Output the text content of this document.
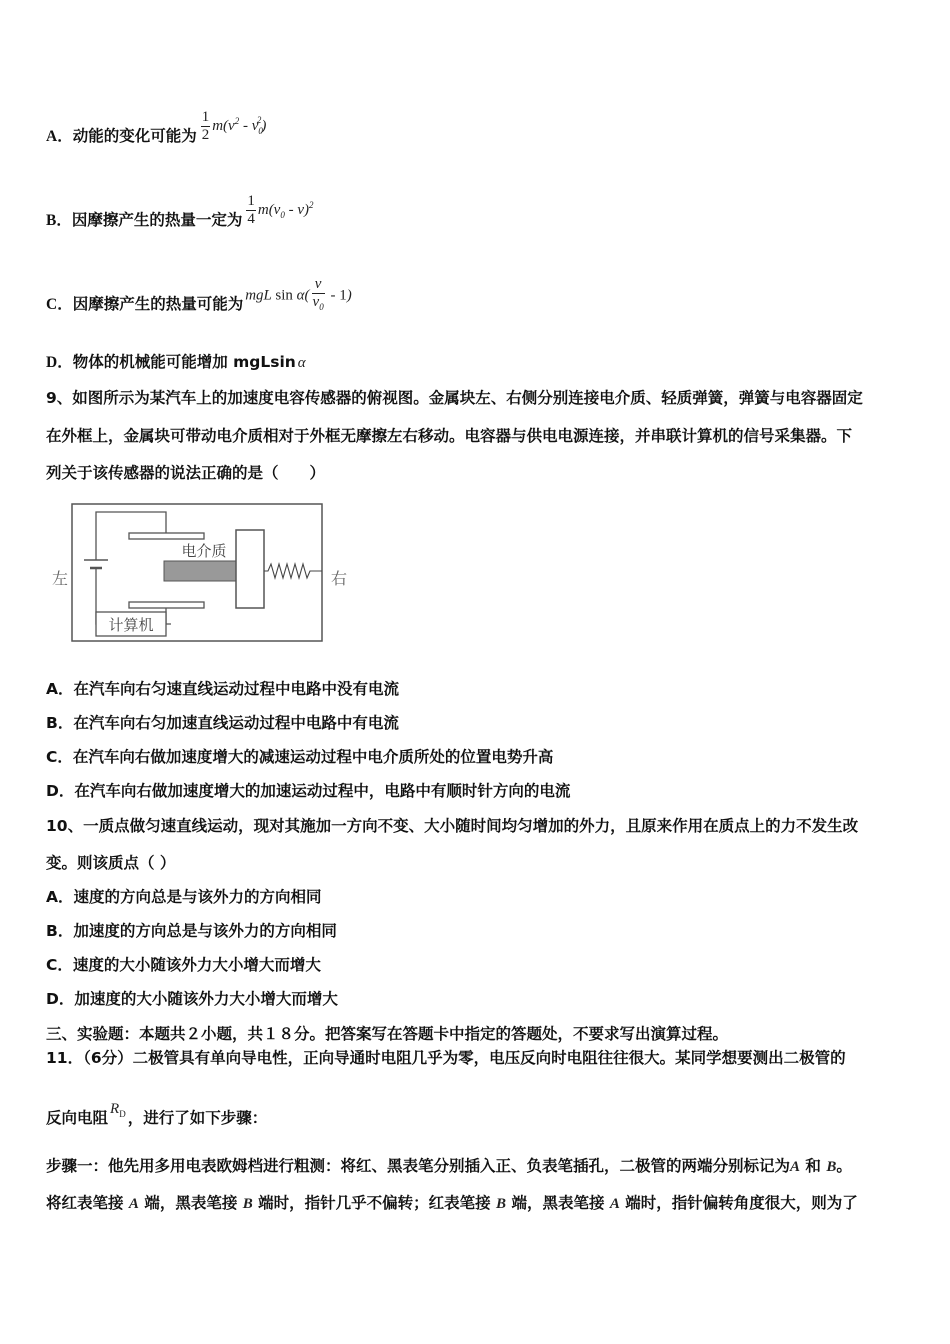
A．动能的变化可能为 $\frac{1}{2} m(v^2 - v_0^2)$
B．因摩擦产生的热量一定为 $\frac{1}{4} m(v_0 - v)^2$
C．因摩擦产生的热量可能为 mgL $\sin \alpha( \frac{v}{v_0} - 1)$
D．物体的机械能可能增加 mgLsin α
9、如图所示为某汽车上的加速度电容传感器的俯视图。金属块左、右侧分别连接电介质、轻质弹簧，弹簧与电容器固定
在外框上，金属块可带动电介质相对于外框无摩擦左右移动。电容器与供电电源连接，并串联计算机的信号采集器。下
列关于该传感器的说法正确的是（　　）
计算机
电介质
左	右
A．在汽车向右匀速直线运动过程中电路中没有电流
B．在汽车向右匀加速直线运动过程中电路中有电流
C．在汽车向右做加速度增大的减速运动过程中电介质所处的位置电势升高
D．在汽车向右做加速度增大的加速运动过程中，电路中有顺时针方向的电流
10、一质点做匀速直线运动，现对其施加一方向不变、大小随时间均匀增加的外力，且原来作用在质点上的力不发生改
变。则该质点（ ）
A．速度的方向总是与该外力的方向相同
B．加速度的方向总是与该外力的方向相同
C．速度的大小随该外力大小增大而增大
D．加速度的大小随该外力大小增大而增大
三、实验题：本题共２小题，共１８分。把答案写在答题卡中指定的答题处，不要求写出演算过程。
11．（6分）二极管具有单向导电性，正向导通时电阻几乎为零，电压反向时电阻往往很大。某同学想要测出二极管的
反向电阻 $R_D$ ，进行了如下步骤：
步骤一：他先用多用电表欧姆档进行粗测：将红、黑表笔分别插入正、负表笔插孔，二极管的两端分别标记为A 和 B。
将红表笔接 A 端，黑表笔接 B 端时，指针几乎不偏转；红表笔接 B 端，黑表笔接 A 端时，指针偏转角度很大，则为了
